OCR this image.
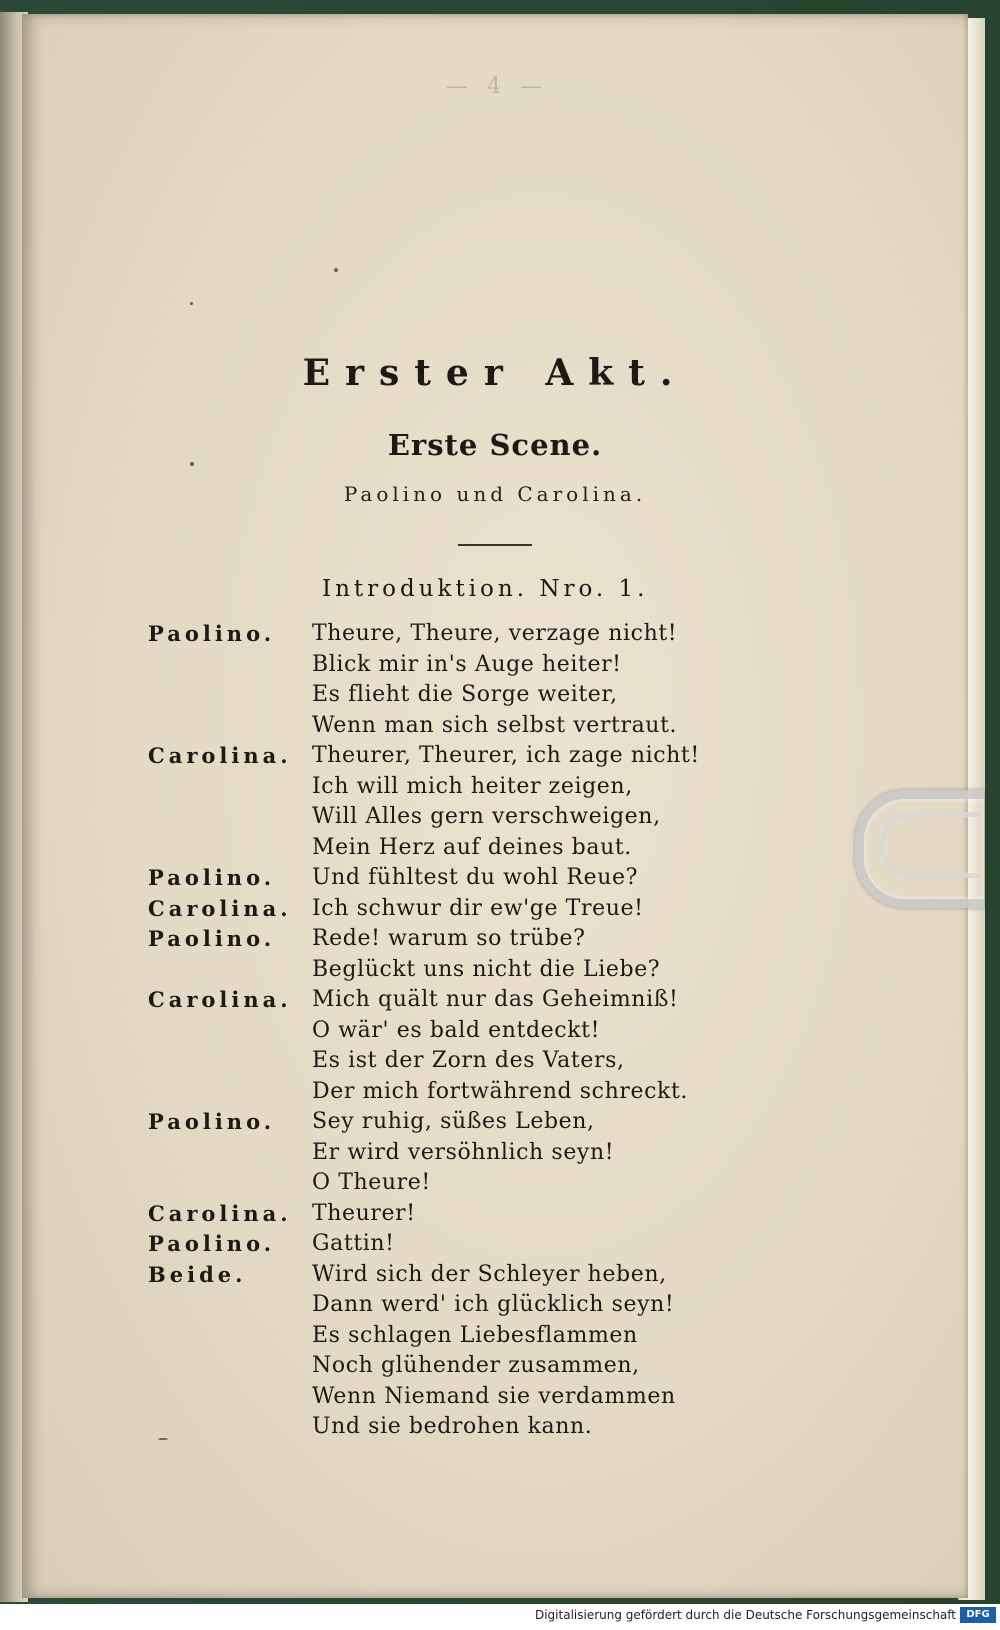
— 4 —
Erster Akt.
Erste Scene.
Paolino und Carolina.
Introduktion. Nro. 1.
Paolino.	Theure, Theure, verzage nicht!
Blick mir in's Auge heiter!
Es flieht die Sorge weiter,
Wenn man sich selbst vertraut.
Carolina. Theurer, Theurer, ich zage nicht!
Ich will mich heiter zeigen,
Will Alles gern verschweigen,
Mein Herz auf deines baut.
Paolino.	Und fühltest du wohl Reue?
Carolina. Ich schwur dir ew'ge Treue!
Paolino.	Rede! warum so trübe?
Beglückt uns nicht die Liebe?
Carolina. Mich quält nur das Geheimniß!
O wär' es bald entdeckt!
Es ist der Zorn des Vaters,
Der mich fortwährend schreckt.
Paolino.	Sey ruhig, süßes Leben,
Er wird versöhnlich seyn!
O Theure!
Carolina. Theurer!
Paolino.	Gattin!
Beide.	Wird sich der Schleyer heben,
Dann werd' ich glücklich seyn!
Es schlagen Liebesflammen
Noch glühender zusammen,
Wenn Niemand sie verdammen
Und sie bedrohen kann.
Digitalisierung gefördert durch die Deutsche Forschungsgemeinschaft	DFG
